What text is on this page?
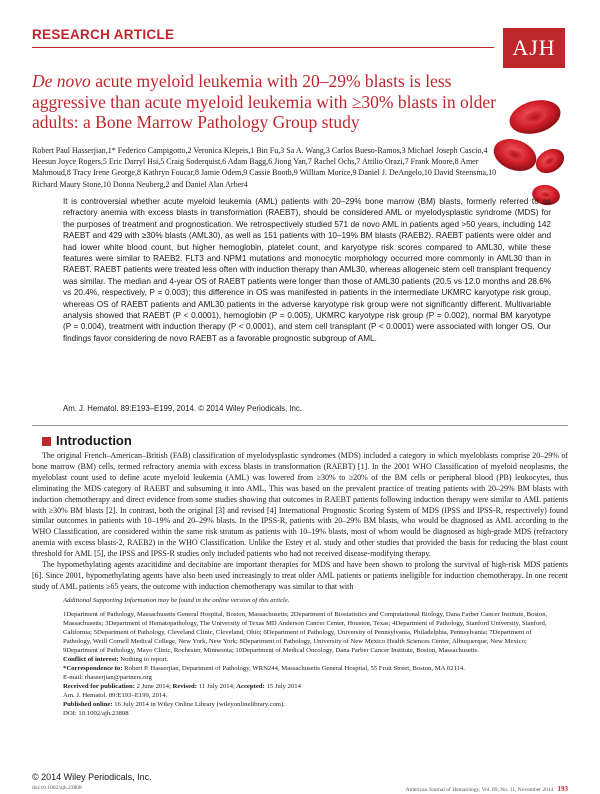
RESEARCH ARTICLE
AJH
De novo acute myeloid leukemia with 20–29% blasts is less aggressive than acute myeloid leukemia with ≥30% blasts in older adults: a Bone Marrow Pathology Group study
Robert Paul Hasserjian,1* Federico Campigotto,2 Veronica Klepeis,1 Bin Fu,3 Sa A. Wang,3 Carlos Bueso-Ramos,3 Michael Joseph Cascio,4 Heesun Joyce Rogers,5 Eric Darryl Hsi,5 Craig Soderquist,6 Adam Bagg,6 Jiong Yan,7 Rachel Ochs,7 Attilio Orazi,7 Frank Moore,8 Amer Mahmoud,8 Tracy Irene George,8 Kathryn Foucar,8 Jamie Odem,9 Cassie Booth,9 William Morice,9 Daniel J. DeAngelo,10 David Steensma,10 Richard Maury Stone,10 Donna Neuberg,2 and Daniel Alan Arber4
It is controversial whether acute myeloid leukemia (AML) patients with 20–29% bone marrow (BM) blasts, formerly referred to as refractory anemia with excess blasts in transformation (RAEBT), should be considered AML or myelodysplastic syndrome (MDS) for the purposes of treatment and prognostication. We retrospectively studied 571 de novo AML in patients aged >50 years, including 142 RAEBT and 429 with ≥30% blasts (AML30), as well as 151 patients with 10–19% BM blasts (RAEB2). RAEBT patients were older and had lower white blood count, but higher hemoglobin, platelet count, and karyotype risk scores compared to AML30, while these features were similar to RAEB2. FLT3 and NPM1 mutations and monocytic morphology occurred more commonly in AML30 than in RAEBT. RAEBT patients were treated less often with induction therapy than AML30, whereas allogeneic stem cell transplant frequency was similar. The median and 4-year OS of RAEBT patients were longer than those of AML30 patients (20.5 vs 12.0 months and 28.6% vs 20.4%, respectively, P = 0.003); this difference in OS was manifested in patients in the intermediate UKMRC karyotype risk group, whereas OS of RAEBT patients and AML30 patients in the adverse karyotype risk group were not significantly different. Multivariable analysis showed that RAEBT (P < 0.0001), hemoglobin (P = 0.005), UKMRC karyotype risk group (P = 0.002), normal BM karyotype (P = 0.004), treatment with induction therapy (P < 0.0001), and stem cell transplant (P < 0.0001) were associated with longer OS. Our findings favor considering de novo RAEBT as a favorable prognostic subgroup of AML.
Am. J. Hematol. 89:E193–E199, 2014. © 2014 Wiley Periodicals, Inc.
Introduction

The original French–American–British (FAB) classification of myelodysplastic syndromes (MDS) included a category in which myeloblasts comprise 20–29% of bone marrow (BM) cells, termed refractory anemia with excess blasts in transformation (RAEBT) [1]. In the 2001 WHO Classification of myeloid neoplasms, the myeloblast count used to define acute myeloid leukemia (AML) was lowered from ≥30% to ≥20% of the BM cells or peripheral blood (PB) leukocytes, thus eliminating the MDS category of RAEBT and subsuming it into AML. This was based on the prevalent practice of treating patients with 20–29% BM blasts with induction chemotherapy and direct evidence from some studies showing that outcomes in RAEBT patients following induction therapy were similar to AML patients with ≥30% BM blasts [2]. In contrast, both the original [3] and revised [4] International Prognostic Scoring System of MDS (IPSS and IPSS-R, respectively) found similar outcomes in patients with 10–19% and 20–29% blasts. In the IPSS-R, patients with 20–29% BM blasts, who would be diagnosed as AML according to the WHO Classification, are considered within the same risk stratum as patients with 10–19% blasts, most of whom would be diagnosed as high-grade MDS (refractory anemia with excess blasts-2, RAEB2) in the WHO Classification. Unlike the Estey et al. study and other studies that provided the basis for reducing the blast count threshold for AML [5], the IPSS and IPSS-R studies only included patients who had not received disease-modifying therapy.

The hypomethylating agents azacitidine and decitabine are important therapies for MDS and have been shown to prolong the survival of high-risk MDS patients [6]. Since 2001, hypomethylating agents have also been used increasingly to treat older AML patients or patients ineligible for induction chemotherapy. In one recent study of AML patients ≥65 years, the outcome with induction chemotherapy was similar to that with

Additional Supporting Information may be found in the online version of this article.
1Department of Pathology, Massachusetts General Hospital, Boston, Massachusetts; 2Department of Biostatistics and Computational Biology, Dana Farber Cancer Institute, Boston, Massachusetts; 3Department of Hematopathology, The University of Texas MD Anderson Cancer Center, Houston, Texas; 4Department of Pathology, Stanford University, Stanford, California; 5Department of Pathology, Cleveland Clinic, Cleveland, Ohio; 6Department of Pathology, University of Pennsylvania, Philadelphia, Pennsylvania; 7Department of Pathology, Weill Cornell Medical College, New York, New York; 8Department of Pathology, University of New Mexico Health Sciences Center, Albuquerque, New Mexico; 9Department of Pathology, Mayo Clinic, Rochester, Minnesota; 10Department of Medical Oncology, Dana Farber Cancer Institute, Boston, Massachusetts.
Conflict of interest: Nothing to report.
*Correspondence to: Robert P. Hasserjian, Department of Pathology, WRN244, Massachusetts General Hospital, 55 Fruit Street, Boston, MA 02114.
E-mail: rhasserjian@partners.org
Received for publication: 2 June 2014; Revised: 11 July 2014; Accepted: 15 July 2014
Am. J. Hematol. 89:E193–E199, 2014.
Published online: 16 July 2014 in Wiley Online Library (wileyonlinelibrary.com).
DOI: 10.1002/ajh.23808
© 2014 Wiley Periodicals, Inc.
doi:10.1002/ajh.23808	American Journal of Hematology, Vol. 89, No. 11, November 2014 193
